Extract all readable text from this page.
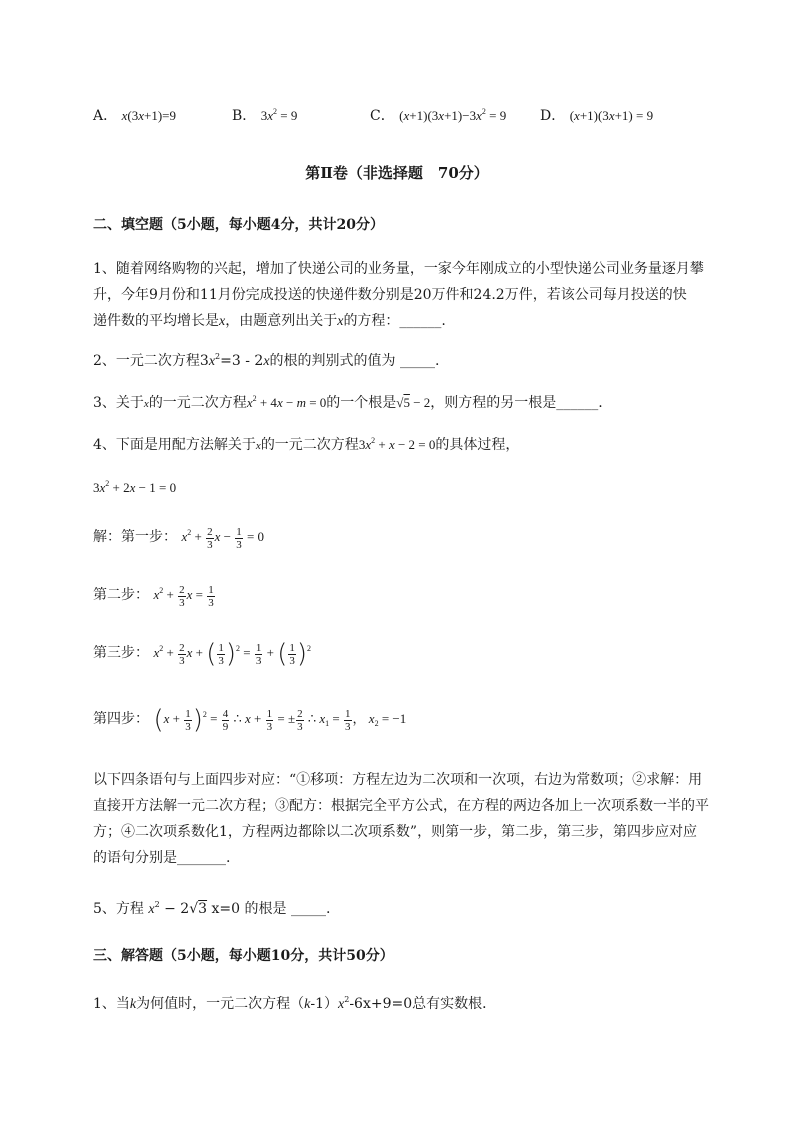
A． x(3x+1)=9	B． $3x^2 = 9$	C． $(x+1)(3x+1)-3x^2 = 9$ D． (x+1)(3x+1) = 9
第Ⅱ卷（非选择题　70分）
二、填空题（5小题，每小题4分，共计20分）
1、随着网络购物的兴起，增加了快递公司的业务量，一家今年刚成立的小型快递公司业务量逐月攀
升，今年9月份和11月份完成投送的快递件数分别是20万件和24.2万件，若该公司每月投送的快
递件数的平均增长是x，由题意列出关于x的方程：______.
2、一元二次方程$3x^2=3 - 2x$的根的判别式的值为 _____.
3、关于x的一元二次方程$x^2 + 4x - m = 0$的一个根是√5 − 2，则方程的另一根是______.
4、下面是用配方法解关于x的一元二次方程$3x^2 + x - 2 = 0$的具体过程，
$3x^2 + 2x - 1 = 0$
解：第一步： $x^2 + \frac{2}{3}$ $x - \frac{1}{3} = 0$
第二步： $x^2 + \frac{2}{3}$ $x = \frac{1}{3}$
第三步： $x^2 + \frac{2}{3}$ x + ( $\frac{1}{3} )^2 = \frac{1}{3}$ + ( $\frac{1}{3} )^2$
第四步： $(x + \frac{1}{3} )^2 = \frac{4}{9}$ ∴ $x + \frac{1}{3}$ = ± $\frac{2}{3}$ ∴ $x_1 = \frac{1}{3}$ ， $x_2 = -1$
以下四条语句与上面四步对应：“①移项：方程左边为二次项和一次项，右边为常数项；②求解：用
直接开方法解一元二次方程；③配方：根据完全平方公式，在方程的两边各加上一次项系数一半的平
方；④二次项系数化1，方程两边都除以二次项系数”，则第一步，第二步，第三步，第四步应对应
的语句分别是_______.
5、方程 $x^2 - 2√3$ x=0 的根是 _____.
三、解答题（5小题，每小题10分，共计50分）
1、当k为何值时，一元二次方程$(k-1)x^2-6x+9=0$总有实数根．
